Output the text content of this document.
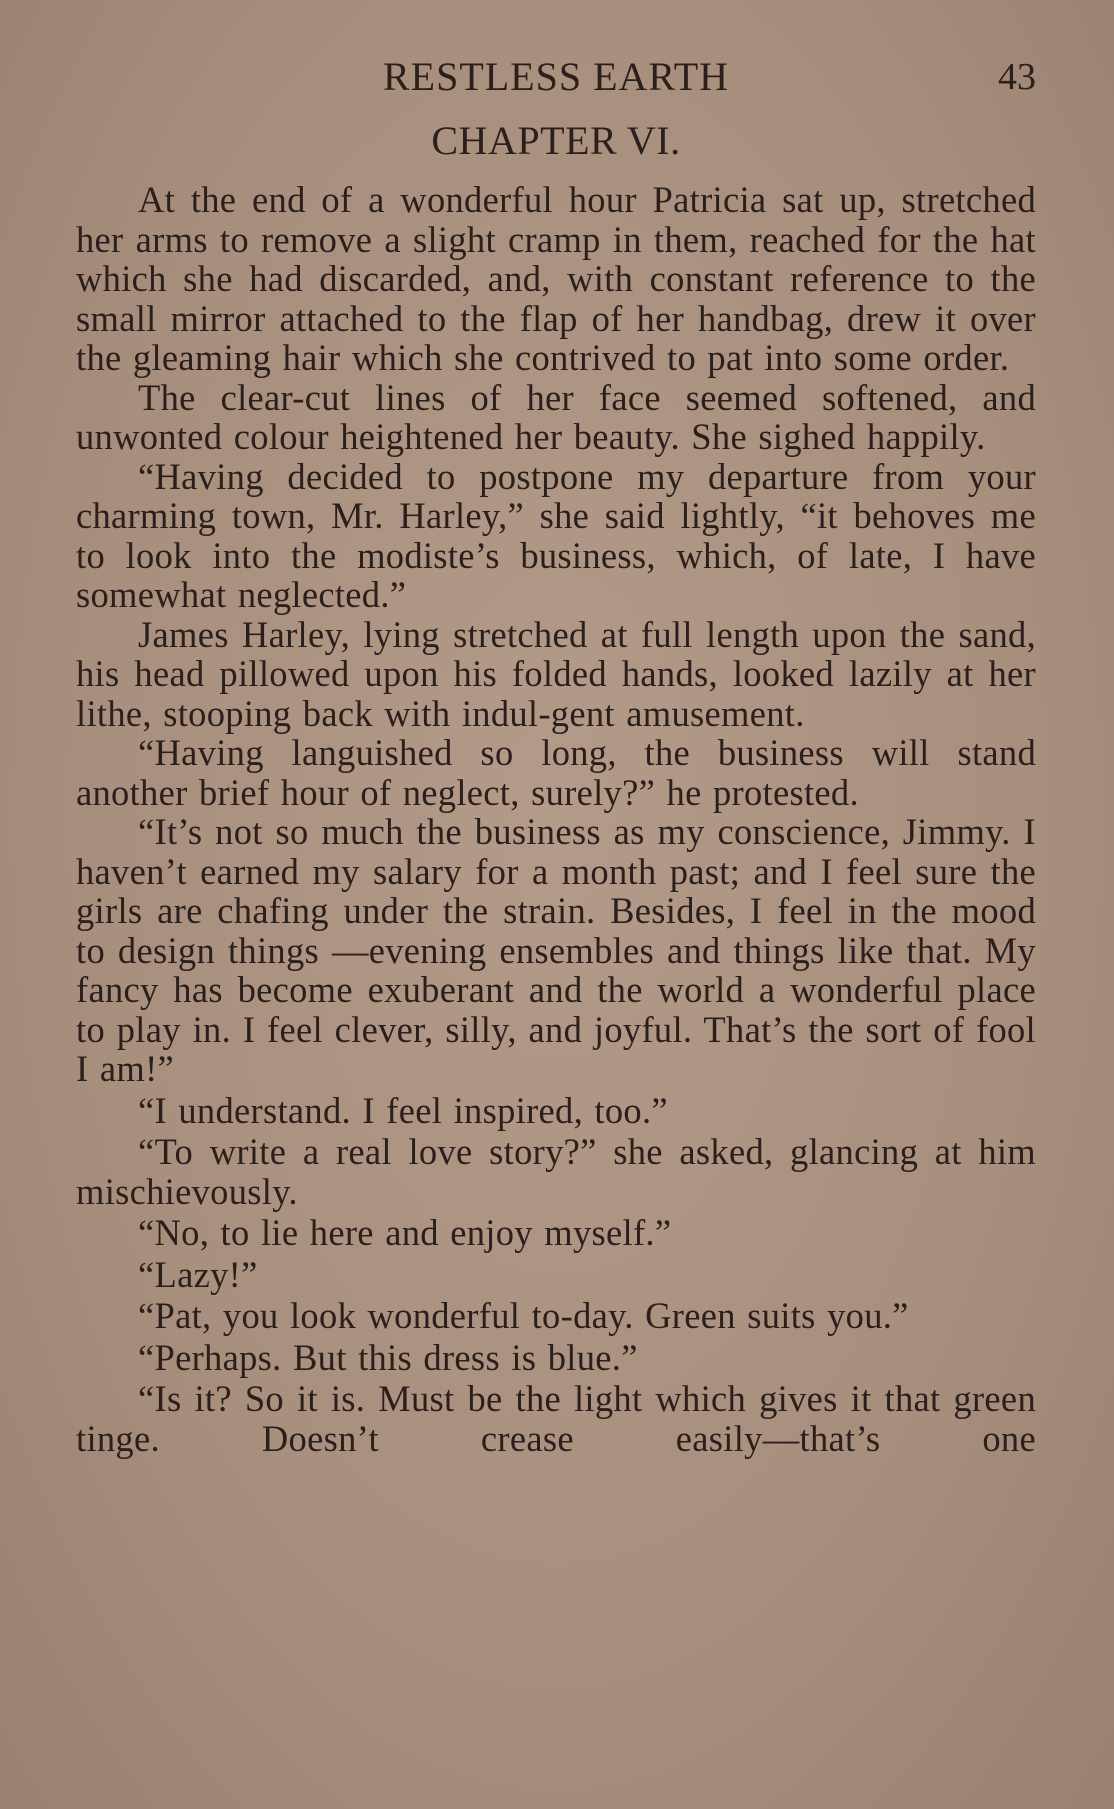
RESTLESS EARTH	43
CHAPTER VI.

At the end of a wonderful hour Patricia sat up, stretched her arms to remove a slight cramp in them, reached for the hat which she had discarded, and, with constant reference to the small mirror attached to the flap of her handbag, drew it over the gleaming hair which she contrived to pat into some order.

The clear-cut lines of her face seemed softened, and unwonted colour heightened her beauty. She sighed happily.

“Having decided to postpone my departure from your charming town, Mr. Harley,” she said lightly, “it behoves me to look into the modiste’s business, which, of late, I have somewhat neglected.”

James Harley, lying stretched at full length upon the sand, his head pillowed upon his folded hands, looked lazily at her lithe, stooping back with indul-gent amusement.

“Having languished so long, the business will stand another brief hour of neglect, surely?” he protested.

“It’s not so much the business as my conscience, Jimmy. I haven’t earned my salary for a month past; and I feel sure the girls are chafing under the strain. Besides, I feel in the mood to design things —evening ensembles and things like that. My fancy has become exuberant and the world a wonderful place to play in. I feel clever, silly, and joyful. That’s the sort of fool I am!”

“I understand. I feel inspired, too.”

“To write a real love story?” she asked, glancing at him mischievously.

“No, to lie here and enjoy myself.”

“Lazy!”

“Pat, you look wonderful to-day. Green suits you.”

“Perhaps. But this dress is blue.”

“Is it? So it is. Must be the light which gives it that green tinge. Doesn’t crease easily—that’s one
